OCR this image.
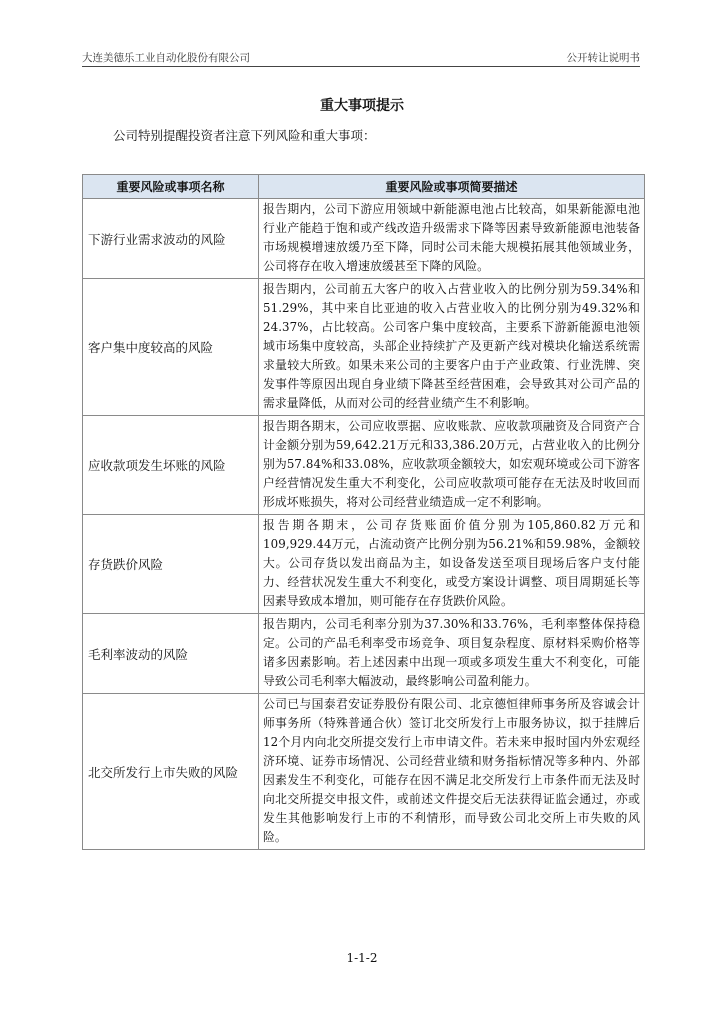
大连美德乐工业自动化股份有限公司	公开转让说明书
重大事项提示
公司特别提醒投资者注意下列风险和重大事项：
重要风险或事项名称	重要风险或事项简要描述
下游行业需求波动的风险	报告期内，公司下游应用领域中新能源电池占比较高，如果新能源电池行业产能趋于饱和或产线改造升级需求下降等因素导致新能源电池装备市场规模增速放缓乃至下降，同时公司未能大规模拓展其他领域业务，公司将存在收入增速放缓甚至下降的风险。
客户集中度较高的风险	报告期内，公司前五大客户的收入占营业收入的比例分别为59.34%和51.29%，其中来自比亚迪的收入占营业收入的比例分别为49.32%和24.37%，占比较高。公司客户集中度较高，主要系下游新能源电池领域市场集中度较高，头部企业持续扩产及更新产线对模块化输送系统需求量较大所致。如果未来公司的主要客户由于产业政策、行业洗牌、突发事件等原因出现自身业绩下降甚至经营困难，会导致其对公司产品的需求量降低，从而对公司的经营业绩产生不利影响。
应收款项发生坏账的风险	报告期各期末，公司应收票据、应收账款、应收款项融资及合同资产合计金额分别为59,642.21万元和33,386.20万元，占营业收入的比例分别为57.84%和33.08%，应收款项金额较大，如宏观环境或公司下游客户经营情况发生重大不利变化，公司应收款项可能存在无法及时收回而形成坏账损失，将对公司经营业绩造成一定不利影响。
存货跌价风险	报告期各期末，公司存货账面价值分别为105,860.82万元和109,929.44万元，占流动资产比例分别为56.21%和59.98%，金额较大。公司存货以发出商品为主，如设备发送至项目现场后客户支付能力、经营状况发生重大不利变化，或受方案设计调整、项目周期延长等因素导致成本增加，则可能存在存货跌价风险。
毛利率波动的风险	报告期内，公司毛利率分别为37.30%和33.76%，毛利率整体保持稳定。公司的产品毛利率受市场竞争、项目复杂程度、原材料采购价格等诸多因素影响。若上述因素中出现一项或多项发生重大不利变化，可能导致公司毛利率大幅波动，最终影响公司盈利能力。
北交所发行上市失败的风险	公司已与国泰君安证券股份有限公司、北京德恒律师事务所及容诚会计师事务所（特殊普通合伙）签订北交所发行上市服务协议，拟于挂牌后12个月内向北交所提交发行上市申请文件。若未来申报时国内外宏观经济环境、证券市场情况、公司经营业绩和财务指标情况等多种内、外部因素发生不利变化，可能存在因不满足北交所发行上市条件而无法及时向北交所提交申报文件，或前述文件提交后无法获得证监会通过，亦或发生其他影响发行上市的不利情形，而导致公司北交所上市失败的风险。
1-1-2
